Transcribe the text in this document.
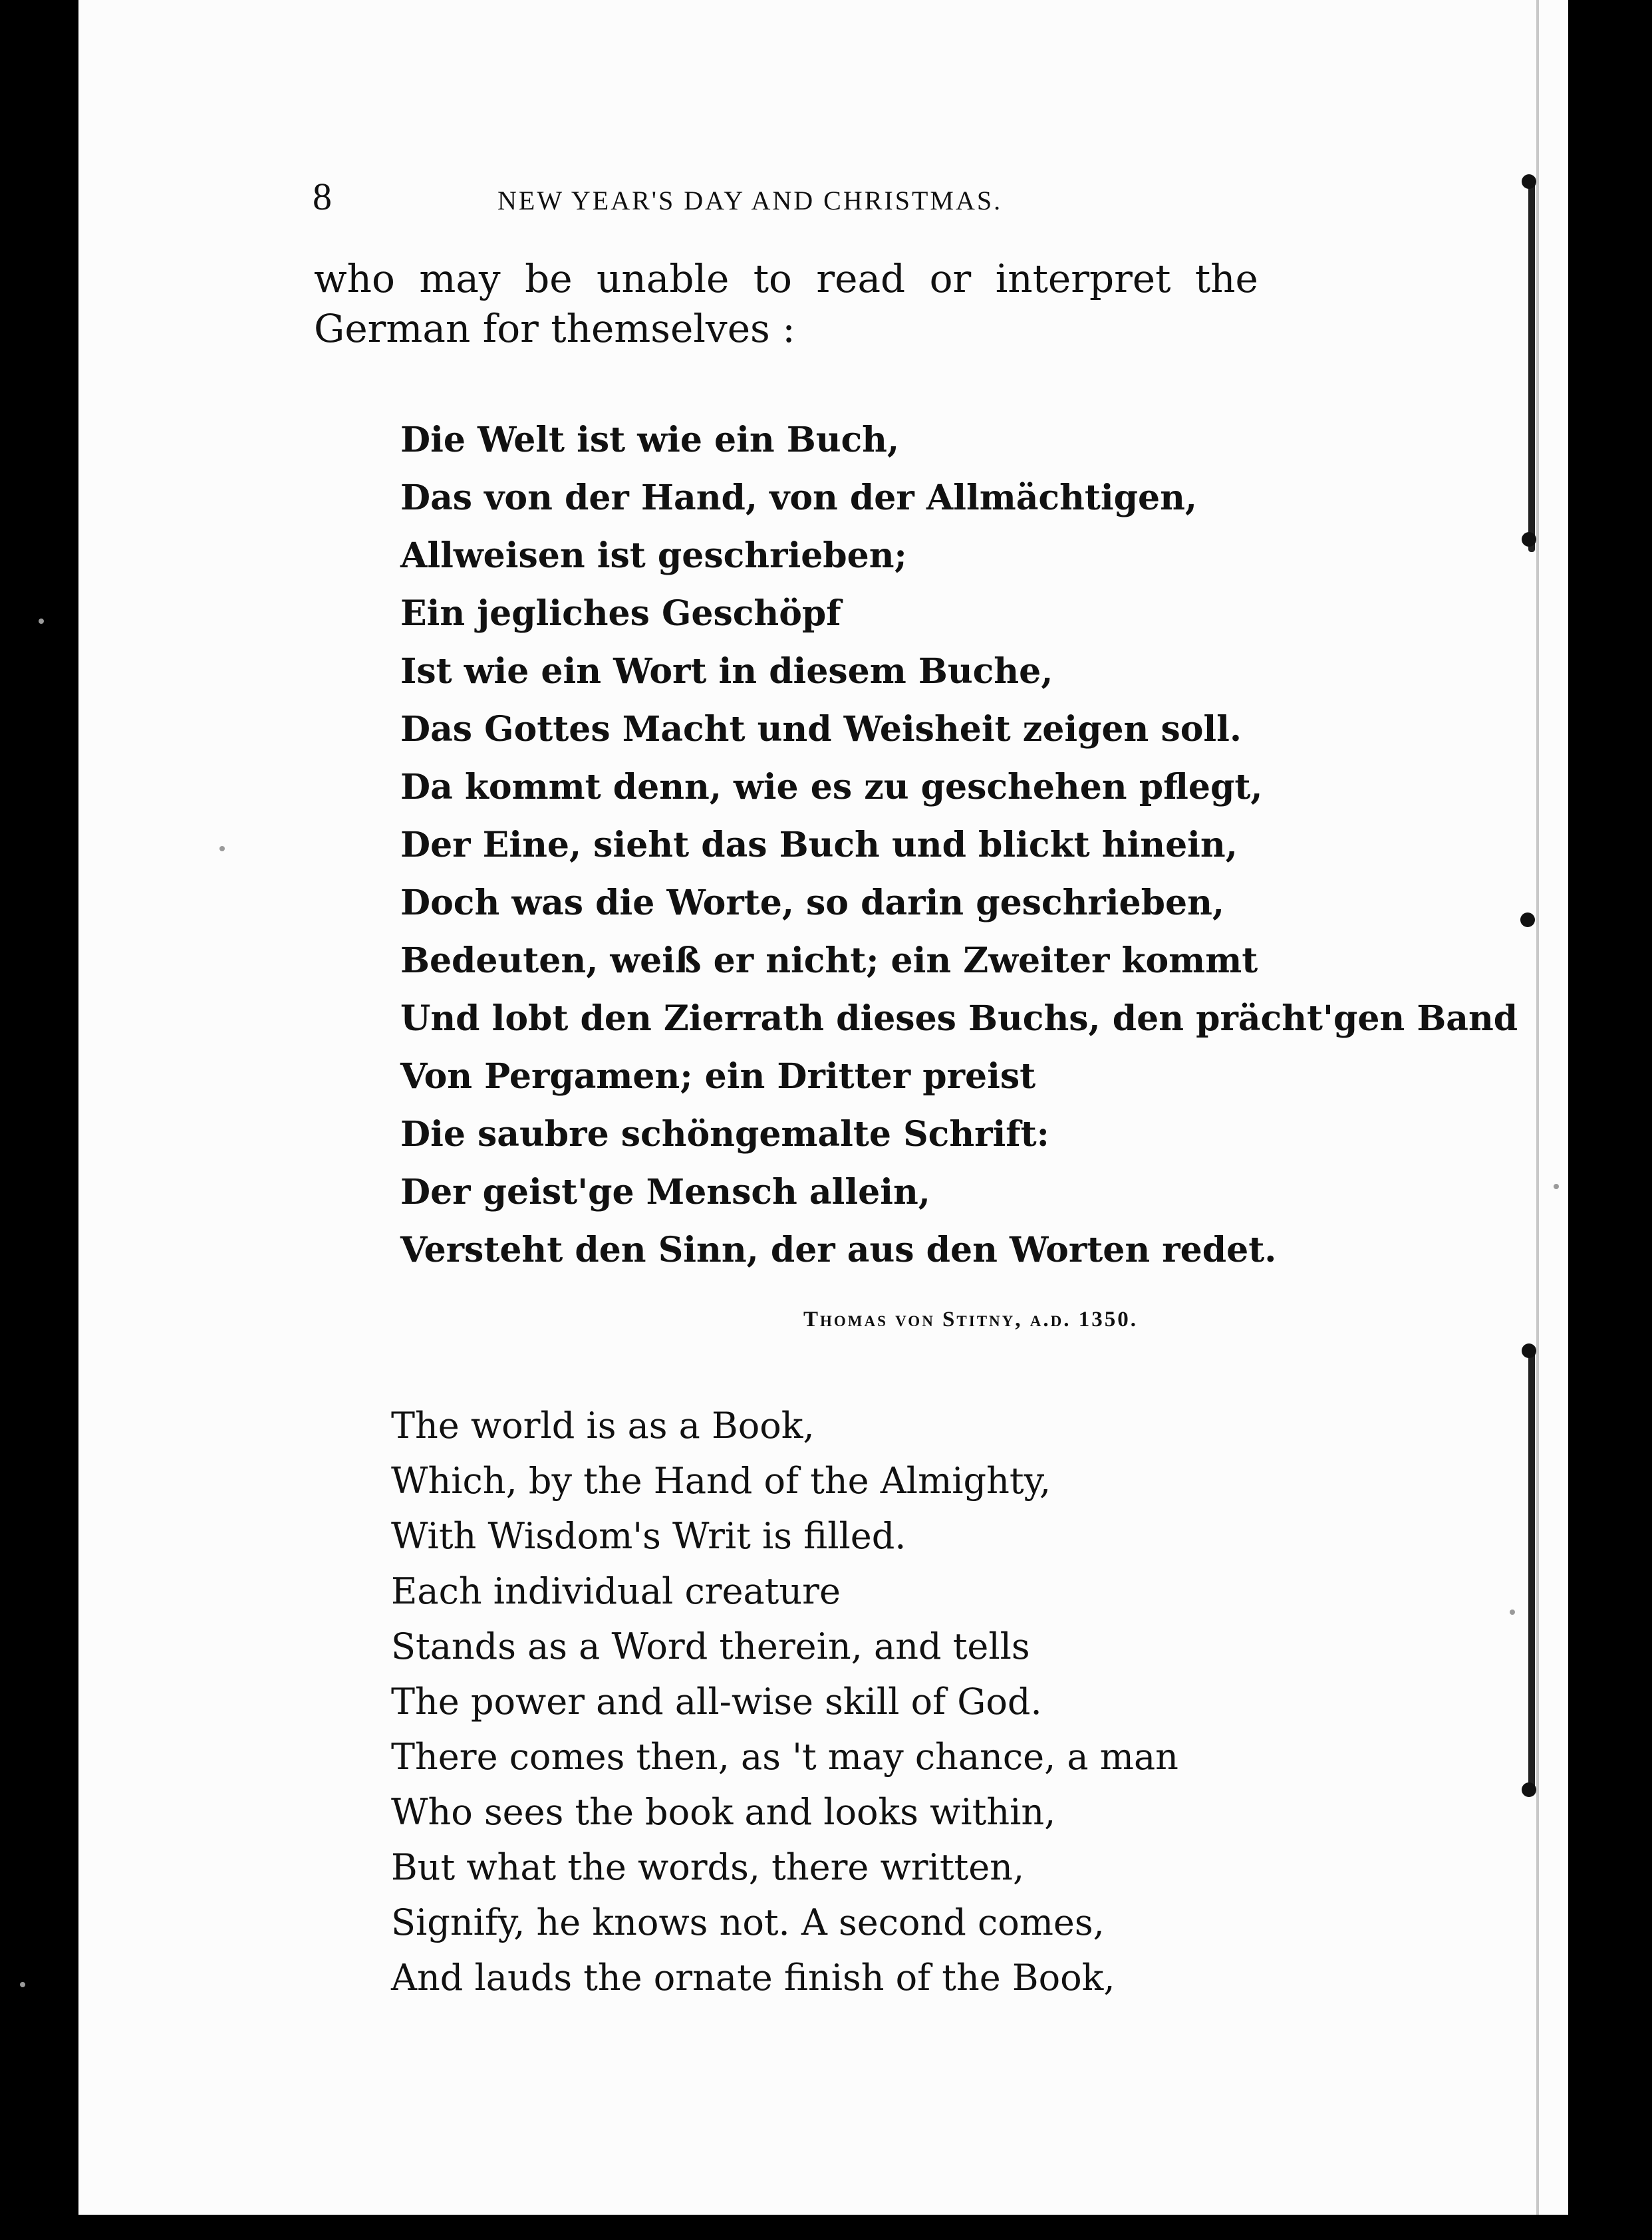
8	NEW YEAR'S DAY AND CHRISTMAS.
who may be unable to read or interpret the
German for themselves :
Die Welt ist wie ein Buch,
Das von der Hand, von der Allmächtigen,
Allweisen ist geschrieben;
Ein jegliches Geschöpf
Ist wie ein Wort in diesem Buche,
Das Gottes Macht und Weisheit zeigen soll.
Da kommt denn, wie es zu geschehen pflegt,
Der Eine, sieht das Buch und blickt hinein,
Doch was die Worte, so darin geschrieben,
Bedeuten, weiß er nicht; ein Zweiter kommt
Und lobt den Zierrath dieses Buchs, den prächt'gen Band
Von Pergamen; ein Dritter preist
Die saubre schöngemalte Schrift:
Der geist'ge Mensch allein,
Versteht den Sinn, der aus den Worten redet.
Thomas von Stitny, a.d. 1350.
The world is as a Book,
Which, by the Hand of the Almighty,
With Wisdom's Writ is filled.
Each individual creature
Stands as a Word therein, and tells
The power and all-wise skill of God.
There comes then, as 't may chance, a man
Who sees the book and looks within,
But what the words, there written,
Signify, he knows not. A second comes,
And lauds the ornate finish of the Book,
